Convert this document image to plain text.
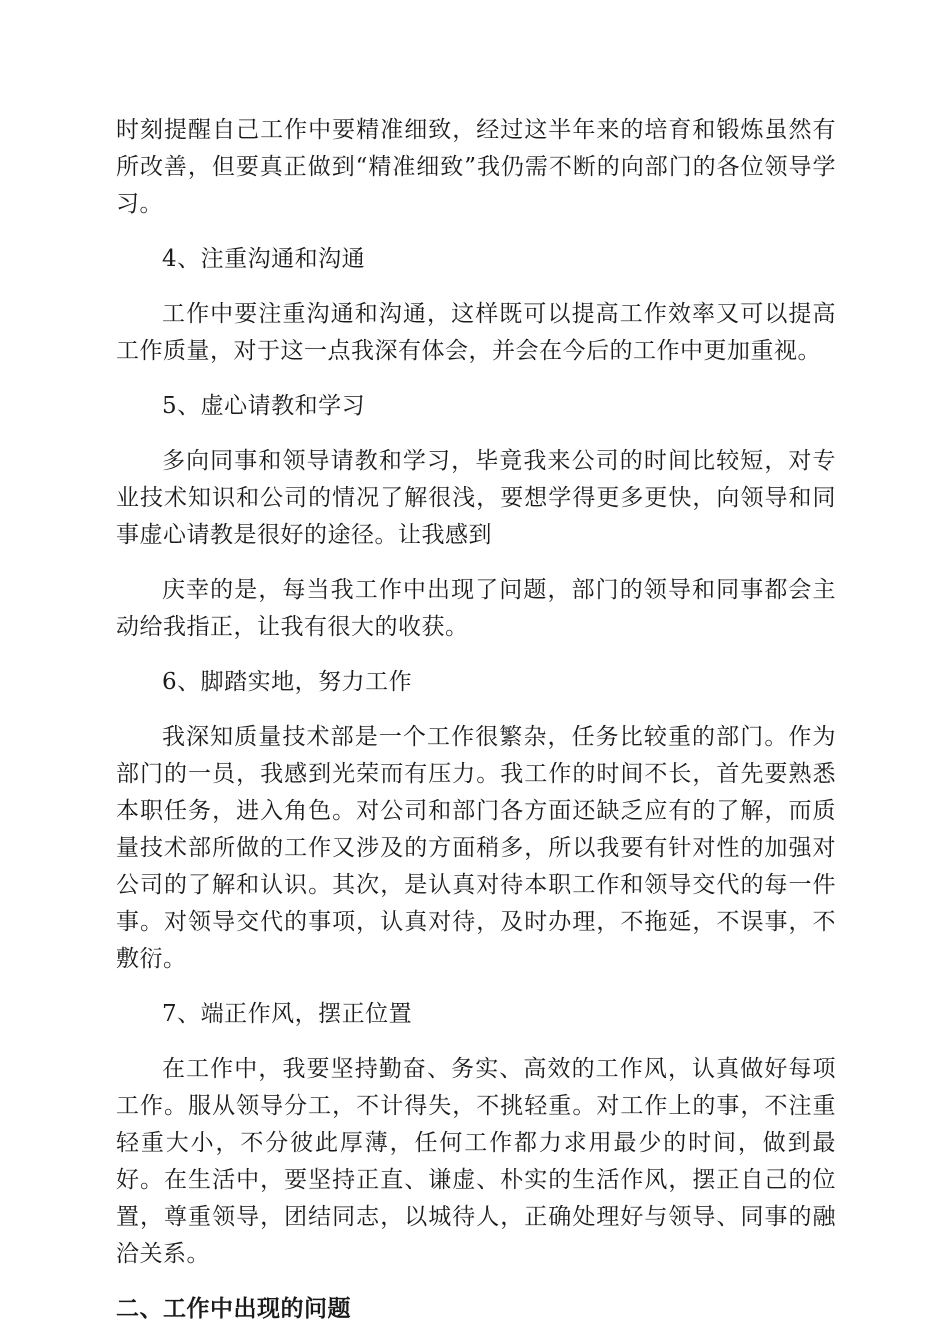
时刻提醒自己工作中要精准细致，经过这半年来的培育和锻炼虽然有所改善，但要真正做到“精准细致”我仍需不断的向部门的各位领导学习。

4、注重沟通和沟通

工作中要注重沟通和沟通，这样既可以提高工作效率又可以提高工作质量，对于这一点我深有体会，并会在今后的工作中更加重视。

5、虚心请教和学习

多向同事和领导请教和学习，毕竟我来公司的时间比较短，对专业技术知识和公司的情况了解很浅，要想学得更多更快，向领导和同事虚心请教是很好的途径。让我感到

庆幸的是，每当我工作中出现了问题，部门的领导和同事都会主动给我指正，让我有很大的收获。

6、脚踏实地，努力工作

我深知质量技术部是一个工作很繁杂，任务比较重的部门。作为部门的一员，我感到光荣而有压力。我工作的时间不长，首先要熟悉本职任务，进入角色。对公司和部门各方面还缺乏应有的了解，而质量技术部所做的工作又涉及的方面稍多，所以我要有针对性的加强对公司的了解和认识。其次，是认真对待本职工作和领导交代的每一件事。对领导交代的事项，认真对待，及时办理，不拖延，不误事，不敷衍。

7、端正作风，摆正位置

在工作中，我要坚持勤奋、务实、高效的工作风，认真做好每项工作。服从领导分工，不计得失，不挑轻重。对工作上的事，不注重轻重大小，不分彼此厚薄，任何工作都力求用最少的时间，做到最好。在生活中，要坚持正直、谦虚、朴实的生活作风，摆正自己的位置，尊重领导，团结同志，以城待人，正确处理好与领导、同事的融洽关系。

二、工作中出现的问题
